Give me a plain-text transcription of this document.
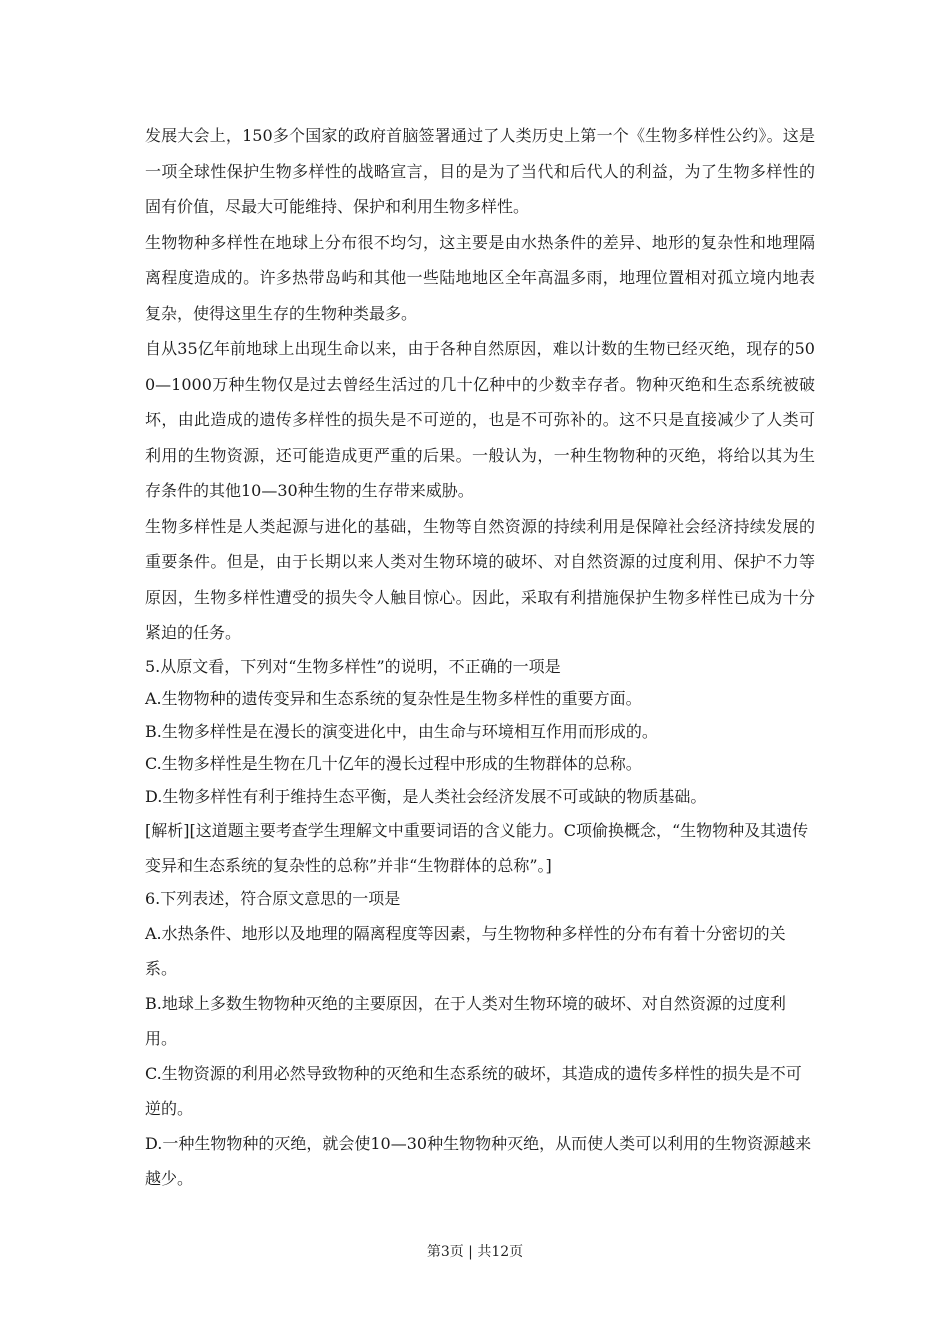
发展大会上，150多个国家的政府首脑签署通过了人类历史上第一个《生物多样性公约》。这是一项全球性保护生物多样性的战略宣言，目的是为了当代和后代人的利益，为了生物多样性的固有价值，尽最大可能维持、保护和利用生物多样性。

生物物种多样性在地球上分布很不均匀，这主要是由水热条件的差异、地形的复杂性和地理隔离程度造成的。许多热带岛屿和其他一些陆地地区全年高温多雨，地理位置相对孤立境内地表复杂，使得这里生存的生物种类最多。

自从35亿年前地球上出现生命以来，由于各种自然原因，难以计数的生物已经灭绝，现存的500—1000万种生物仅是过去曾经生活过的几十亿种中的少数幸存者。物种灭绝和生态系统被破坏，由此造成的遗传多样性的损失是不可逆的，也是不可弥补的。这不只是直接减少了人类可利用的生物资源，还可能造成更严重的后果。一般认为，一种生物物种的灭绝，将给以其为生存条件的其他10—30种生物的生存带来威胁。

生物多样性是人类起源与进化的基础，生物等自然资源的持续利用是保障社会经济持续发展的重要条件。但是，由于长期以来人类对生物环境的破坏、对自然资源的过度利用、保护不力等原因，生物多样性遭受的损失令人触目惊心。因此，采取有利措施保护生物多样性已成为十分紧迫的任务。

5.从原文看，下列对“生物多样性”的说明，不正确的一项是

A.生物物种的遗传变异和生态系统的复杂性是生物多样性的重要方面。

B.生物多样性是在漫长的演变进化中，由生命与环境相互作用而形成的。

C.生物多样性是生物在几十亿年的漫长过程中形成的生物群体的总称。

D.生物多样性有利于维持生态平衡，是人类社会经济发展不可或缺的物质基础。

[解析][这道题主要考查学生理解文中重要词语的含义能力。C项偷换概念，“生物物种及其遗传变异和生态系统的复杂性的总称”并非“生物群体的总称”。]

6.下列表述，符合原文意思的一项是

A.水热条件、地形以及地理的隔离程度等因素，与生物物种多样性的分布有着十分密切的关系。

B.地球上多数生物物种灭绝的主要原因，在于人类对生物环境的破坏、对自然资源的过度利用。

C.生物资源的利用必然导致物种的灭绝和生态系统的破坏，其造成的遗传多样性的损失是不可逆的。

D.一种生物物种的灭绝，就会使10—30种生物物种灭绝，从而使人类可以利用的生物资源越来越少。

第3页 | 共12页
